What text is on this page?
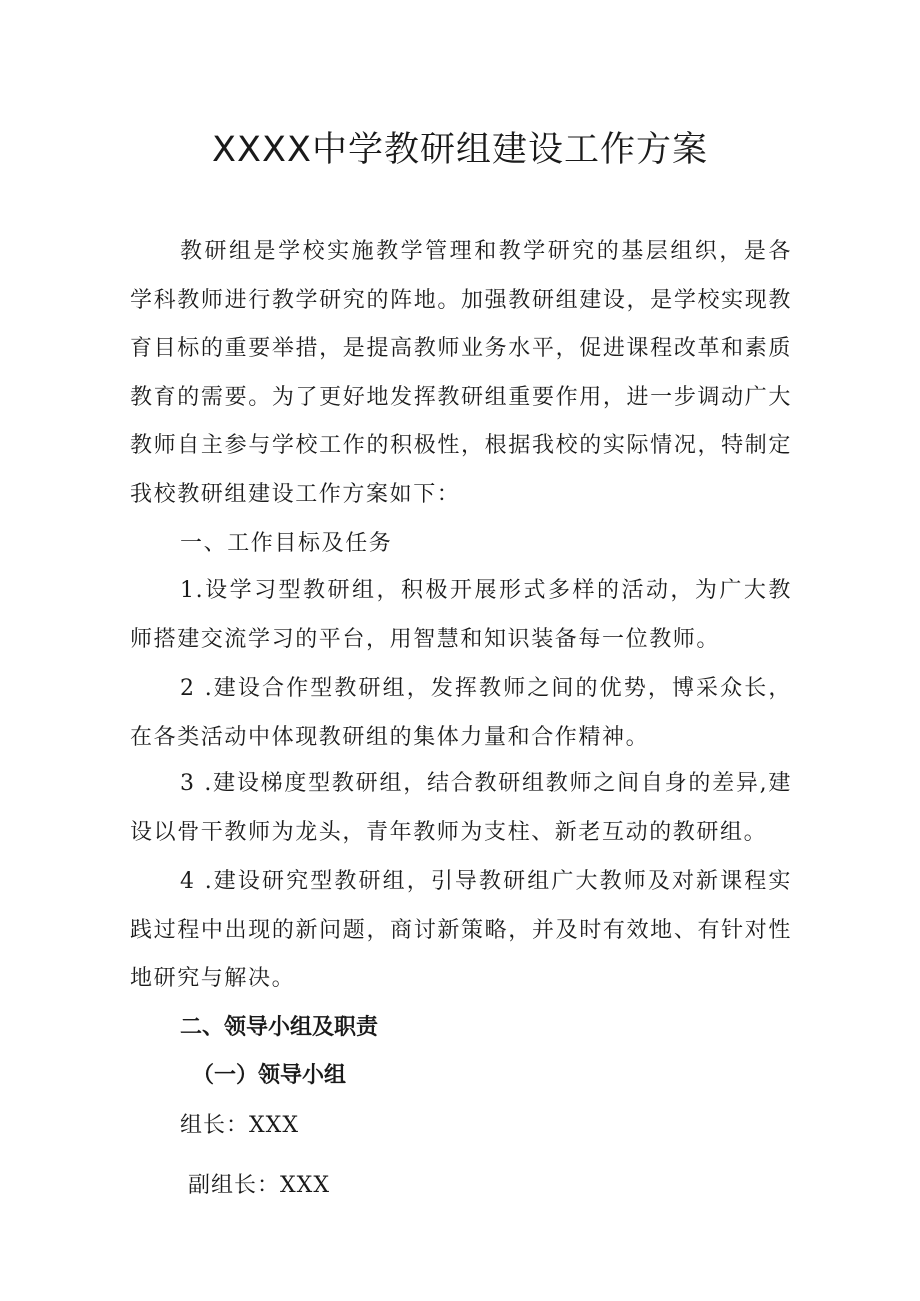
XXXX中学教研组建设工作方案

教研组是学校实施教学管理和教学研究的基层组织，是各学科教师进行教学研究的阵地。加强教研组建设，是学校实现教育目标的重要举措，是提高教师业务水平，促进课程改革和素质教育的需要。为了更好地发挥教研组重要作用，进一步调动广大教师自主参与学校工作的积极性，根据我校的实际情况，特制定我校教研组建设工作方案如下：

一、工作目标及任务

1.设学习型教研组，积极开展形式多样的活动，为广大教师搭建交流学习的平台，用智慧和知识装备每一位教师。

2 .建设合作型教研组，发挥教师之间的优势，博采众长，在各类活动中体现教研组的集体力量和合作精神。

3 .建设梯度型教研组，结合教研组教师之间自身的差异,建设以骨干教师为龙头，青年教师为支柱、新老互动的教研组。

4 .建设研究型教研组，引导教研组广大教师及对新课程实践过程中出现的新问题，商讨新策略，并及时有效地、有针对性地研究与解决。

二、领导小组及职责

（一）领导小组

组长：XXX

副组长：XXX
